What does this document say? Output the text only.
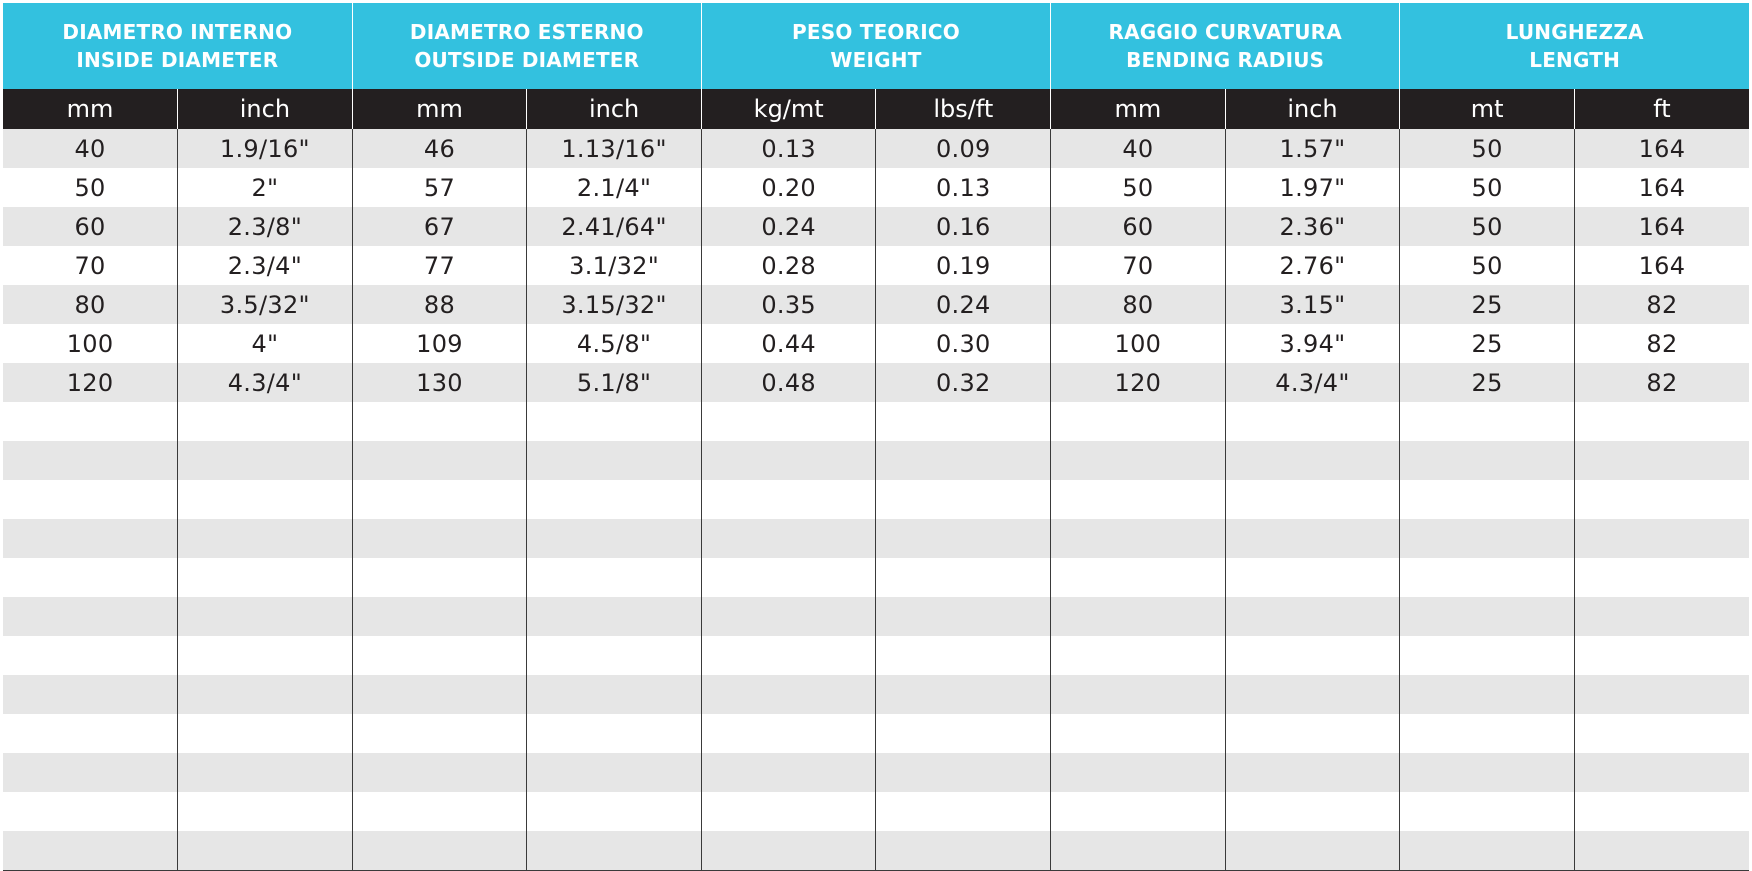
DIAMETRO INTERNO
INSIDE DIAMETER		DIAMETRO ESTERNO
OUTSIDE DIAMETER		PESO TEORICO
WEIGHT		RAGGIO CURVATURA
BENDING RADIUS		LUNGHEZZA
LENGTH	

mm	inch	mm	inch	kg/mt	lbs/ft	mm	inch	mt	ft
40	1.9/16"	46	1.13/16"	0.13	0.09	40	1.57"	50	164
50	2"	57	2.1/4"	0.20	0.13	50	1.97"	50	164
60	2.3/8"	67	2.41/64"	0.24	0.16	60	2.36"	50	164
70	2.3/4"	77	3.1/32"	0.28	0.19	70	2.76"	50	164
80	3.5/32"	88	3.15/32"	0.35	0.24	80	3.15"	25	82
100	4"	109	4.5/8"	0.44	0.30	100	3.94"	25	82
120	4.3/4"	130	5.1/8"	0.48	0.32	120	4.3/4"	25	82
